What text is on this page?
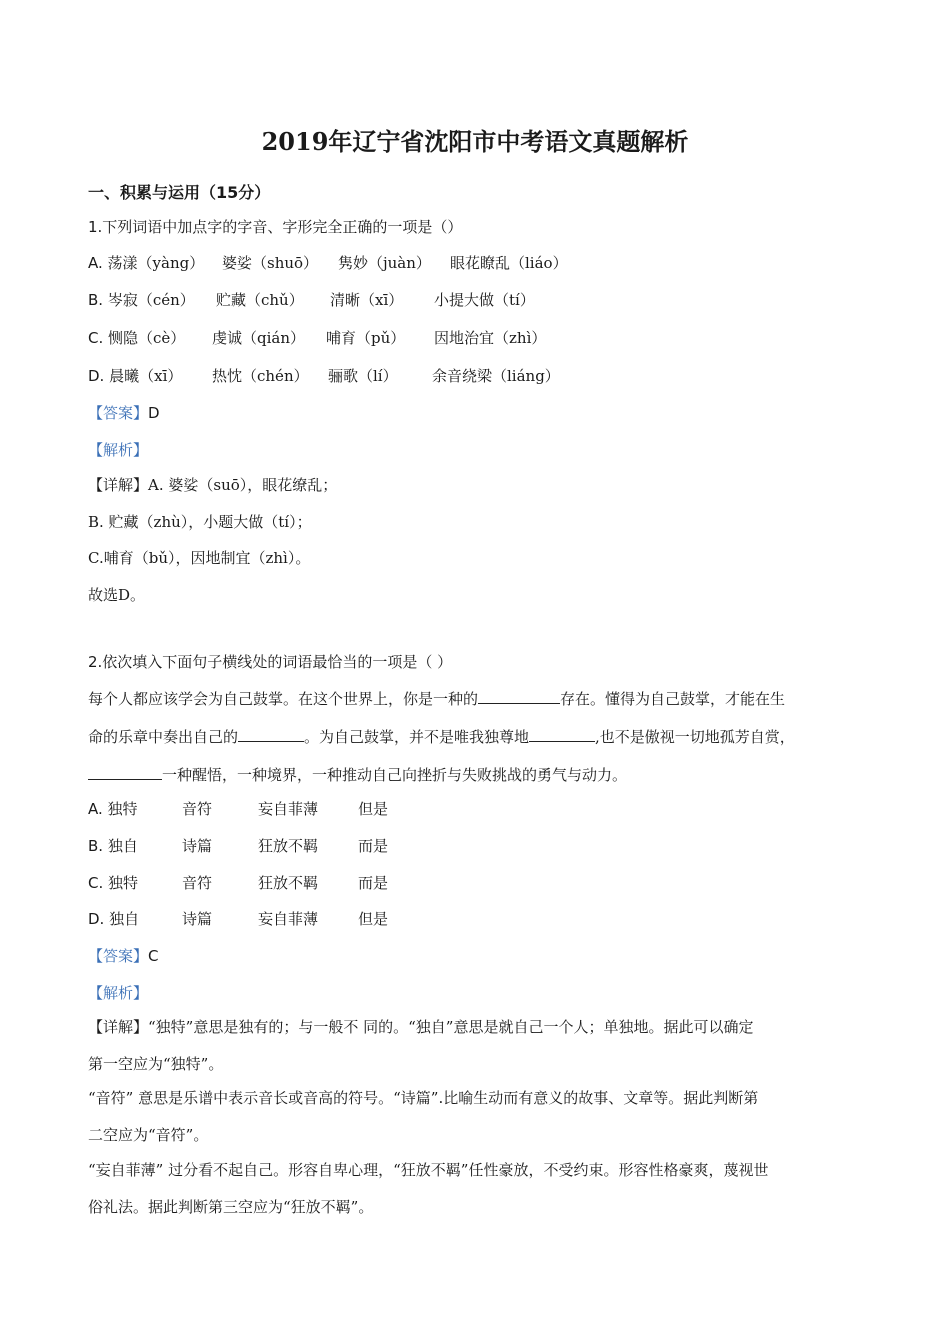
2019年辽宁省沈阳市中考语文真题解析
一、积累与运用（15分）
1.下列词语中加点字的字音、字形完全正确的一项是（）
A. 荡漾（yàng） 婆娑（shuō） 隽妙（juàn） 眼花瞭乱（liáo）
B. 岑寂（cén） 贮藏（chǔ） 清晰（xī） 小提大做（tí）
C. 恻隐（cè） 虔诚（qián） 哺育（pǔ） 因地治宜（zhì）
D. 晨曦（xī） 热忱（chén） 骊歌（lí） 余音绕梁（liáng）
【答案】D
【解析】
【详解】A. 婆娑（suō），眼花缭乱；
B. 贮藏（zhù），小题大做（tí）；
C.哺育（bǔ），因地制宜（zhì）。
故选D。
2.依次填入下面句子横线处的词语最恰当的一项是（ ）
每个人都应该学会为自己鼓掌。在这个世界上，你是一种的	存在。懂得为自己鼓掌，才能在生
命的乐章中奏出自己的	。为自己鼓掌，并不是唯我独尊地	,也不是傲视一切地孤芳自赏，
一种醒悟，一种境界，一种推动自己向挫折与失败挑战的勇气与动力。
A. 独特	音符	妄自菲薄	但是
B. 独自	诗篇	狂放不羁	而是
C. 独特	音符	狂放不羁	而是
D. 独自	诗篇	妄自菲薄	但是
【答案】C
【解析】
【详解】“独特”意思是独有的；与一般不 同的。“独自”意思是就自己一个人；单独地。据此可以确定
第一空应为“独特”。
“音符” 意思是乐谱中表示音长或音高的符号。“诗篇”.比喻生动而有意义的故事、文章等。据此判断第
二空应为“音符”。
“妄自菲薄” 过分看不起自己。形容自卑心理，“狂放不羁”任性豪放，不受约束。形容性格豪爽，蔑视世
俗礼法。据此判断第三空应为“狂放不羁”。
